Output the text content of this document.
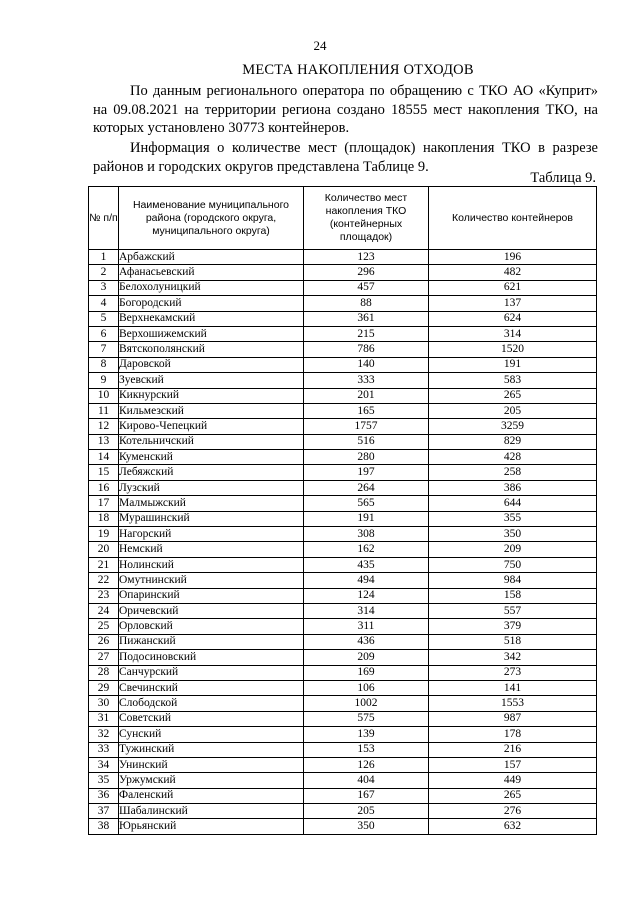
24
МЕСТА НАКОПЛЕНИЯ ОТХОДОВ
По данным регионального оператора по обращению с ТКО АО «Куприт» на 09.08.2021 на территории региона создано 18555 мест накопления ТКО, на которых установлено 30773 контейнеров.
Информация о количестве мест (площадок) накопления ТКО в разрезе районов и городских округов представлена Таблице 9.
Таблица 9.
№ п/п	Наименование муниципального района (городского округа, муниципального округа)	Количество мест накопления ТКО (контейнерных площадок)	Количество контейнеров
1	Арбажский	123	196
2	Афанасьевский	296	482
3	Белохолуницкий	457	621
4	Богородский	88	137
5	Верхнекамский	361	624
6	Верхошижемский	215	314
7	Вятскополянский	786	1520
8	Даровской	140	191
9	Зуевский	333	583
10	Кикнурский	201	265
11	Кильмезский	165	205
12	Кирово-Чепецкий	1757	3259
13	Котельничский	516	829
14	Куменский	280	428
15	Лебяжский	197	258
16	Лузский	264	386
17	Малмыжский	565	644
18	Мурашинский	191	355
19	Нагорский	308	350
20	Немский	162	209
21	Нолинский	435	750
22	Омутнинский	494	984
23	Опаринский	124	158
24	Оричевский	314	557
25	Орловский	311	379
26	Пижанский	436	518
27	Подосиновский	209	342
28	Санчурский	169	273
29	Свечинский	106	141
30	Слободской	1002	1553
31	Советский	575	987
32	Сунский	139	178
33	Тужинский	153	216
34	Унинский	126	157
35	Уржумский	404	449
36	Фаленский	167	265
37	Шабалинский	205	276
38	Юрьянский	350	632
